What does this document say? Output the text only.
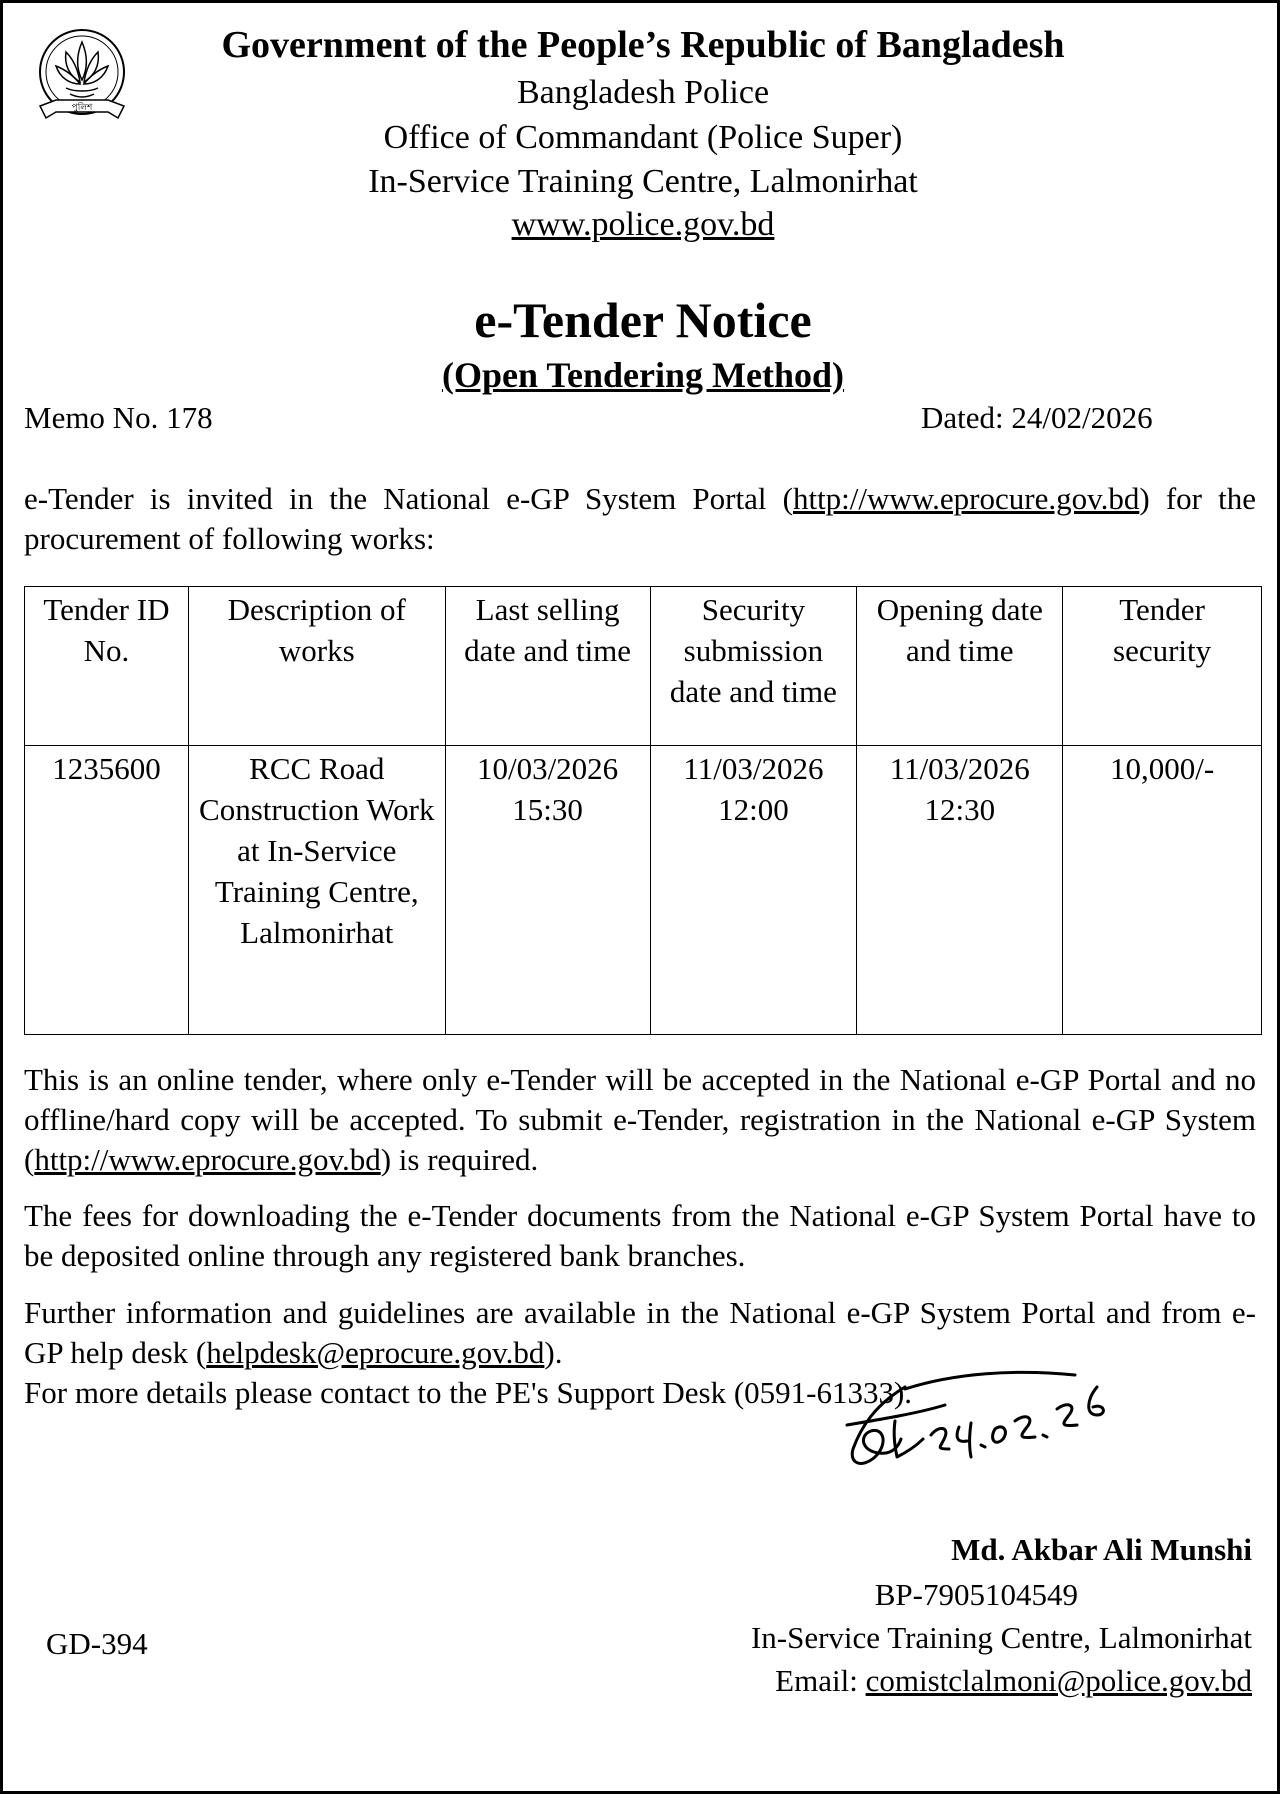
পুলিশ
Government of the People’s Republic of Bangladesh
Bangladesh Police
Office of Commandant (Police Super)
In-Service Training Centre, Lalmonirhat
www.police.gov.bd
e-Tender Notice
(Open Tendering Method)
Memo No. 178	Dated: 24/02/2026
e-Tender is invited in the National e-GP System Portal (http://www.eprocure.gov.bd) for the procurement of following works:
Tender ID No.	Description of works	Last selling date and time	Security submission date and time	Opening date and time	Tender security
1235600	RCC Road Construction Work at In-Service Training Centre, Lalmonirhat	10/03/2026 15:30	11/03/2026 12:00	11/03/2026 12:30	10,000/-
This is an online tender, where only e-Tender will be accepted in the National e-GP Portal and no offline/hard copy will be accepted. To submit e-Tender, registration in the National e-GP System (http://www.eprocure.gov.bd) is required.
The fees for downloading the e-Tender documents from the National e-GP System Portal have to be deposited online through any registered bank branches.
Further information and guidelines are available in the National e-GP System Portal and from e-GP help desk (helpdesk@eprocure.gov.bd).
For more details please contact to the PE's Support Desk (0591-61333).
Md. Akbar Ali Munshi
BP-7905104549
In-Service Training Centre, Lalmonirhat
Email: comistclalmoni@police.gov.bd
GD-394
